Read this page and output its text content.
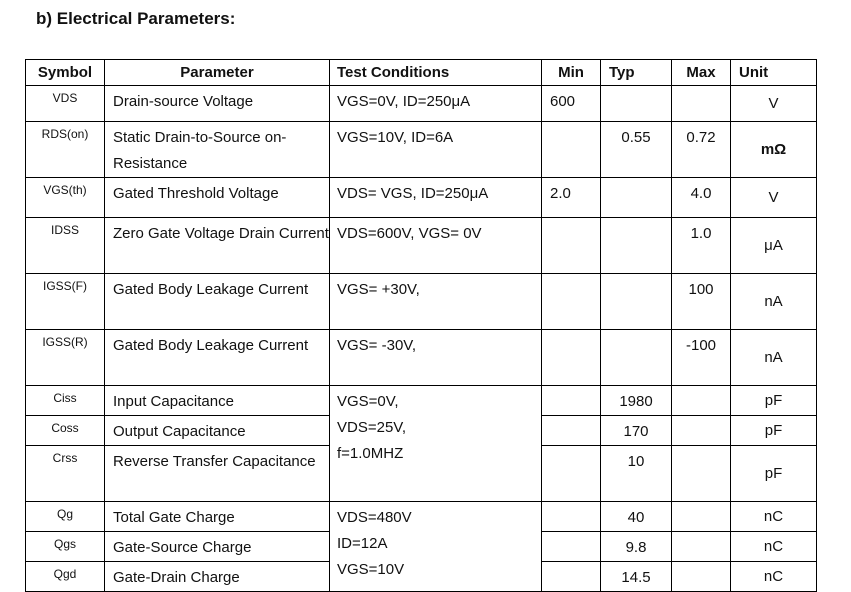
b) Electrical Parameters:
Symbol	Parameter	Test Conditions	Min	Typ	Max	Unit
VDS	Drain-source Voltage	VGS=0V, ID=250μA	600			V
RDS(on)	Static Drain-to-Source on-Resistance	VGS=10V, ID=6A		0.55	0.72	mΩ
VGS(th)	Gated Threshold Voltage	VDS= VGS, ID=250μA	2.0		4.0	V
IDSS	Zero Gate Voltage Drain Current	VDS=600V, VGS= 0V			1.0	μA
IGSS(F)	Gated Body Leakage Current	VGS= +30V,			100	nA
IGSS(R)	Gated Body Leakage Current	VGS= -30V,			-100	nA
Ciss	Input Capacitance	VGS=0V,
VDS=25V,
f=1.0MHZ		1980		pF
Coss	Output Capacitance			170		pF
Crss	Reverse Transfer Capacitance			10		pF
Qg	Total Gate Charge	VDS=480V
ID=12A
VGS=10V		40		nC
Qgs	Gate-Source Charge			9.8		nC
Qgd	Gate-Drain Charge			14.5		nC
